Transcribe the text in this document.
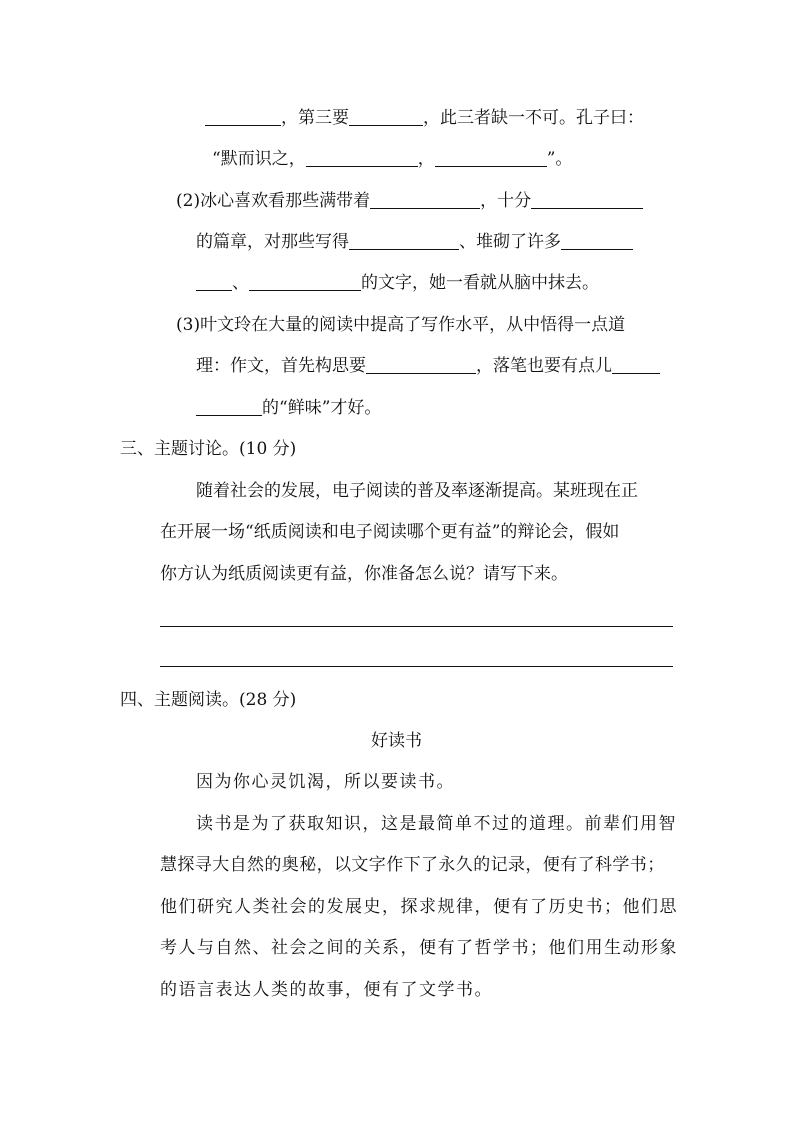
，第三要	，此三者缺一不可。孔子曰：
“默而识之，	，	”。
(2)冰心喜欢看那些满带着	，十分
的篇章，对那些写得	、堆砌了许多
、	的文字，她一看就从脑中抹去。
(3)叶文玲在大量的阅读中提高了写作水平，从中悟得一点道
理：作文，首先构思要	，落笔也要有点儿
的“鲜味”才好。
三、主题讨论。(10 分)
随着社会的发展，电子阅读的普及率逐渐提高。某班现在正
在开展一场“纸质阅读和电子阅读哪个更有益”的辩论会，假如
你方认为纸质阅读更有益，你准备怎么说？请写下来。
四、主题阅读。(28 分)
好读书
因为你心灵饥渴，所以要读书。
读书是为了获取知识，这是最简单不过的道理。前辈们用智
慧探寻大自然的奥秘，以文字作下了永久的记录，便有了科学书；
他们研究人类社会的发展史，探求规律，便有了历史书；他们思
考人与自然、社会之间的关系，便有了哲学书；他们用生动形象
的语言表达人类的故事，便有了文学书。
